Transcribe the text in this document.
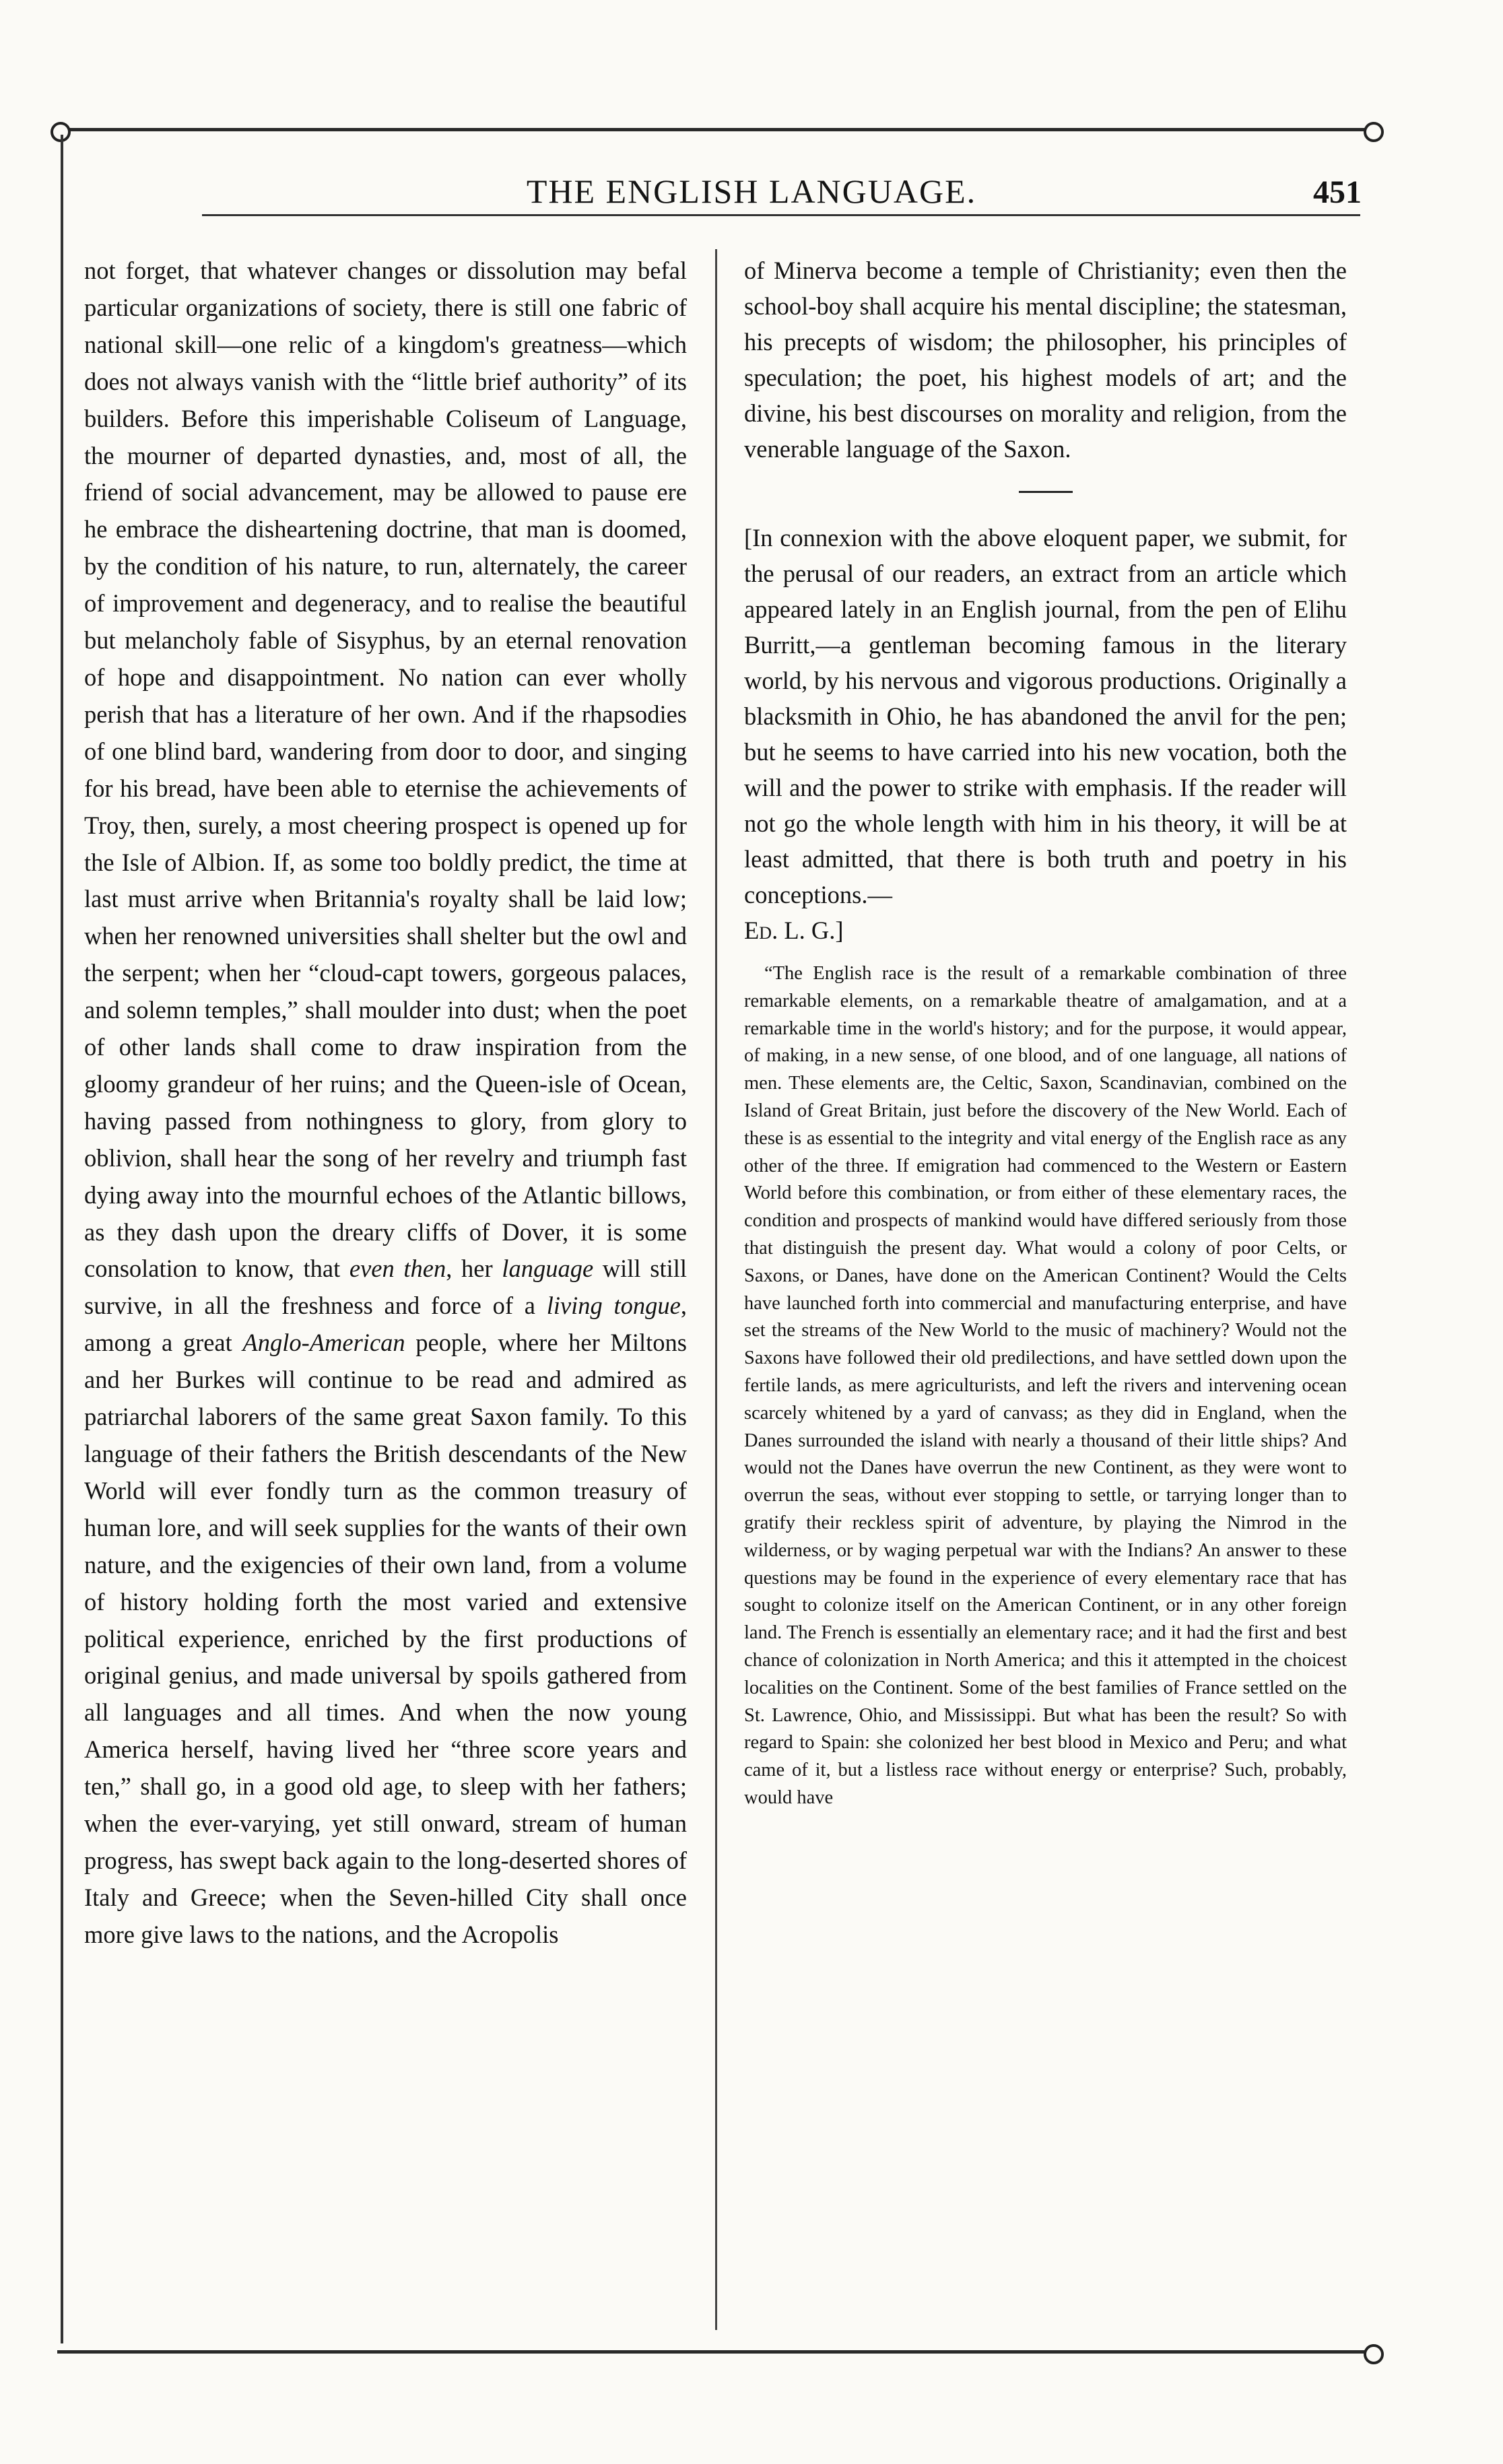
THE ENGLISH LANGUAGE.	451

not forget, that whatever changes or dissolution may befal particular organizations of society, there is still one fabric of national skill—one relic of a kingdom's greatness—which does not always vanish with the “little brief authority” of its builders. Before this imperishable Coliseum of Language, the mourner of departed dynasties, and, most of all, the friend of social advancement, may be allowed to pause ere he embrace the disheartening doctrine, that man is doomed, by the condition of his nature, to run, alternately, the career of improvement and degeneracy, and to realise the beautiful but melancholy fable of Sisyphus, by an eternal renovation of hope and disappointment. No nation can ever wholly perish that has a literature of her own. And if the rhapsodies of one blind bard, wandering from door to door, and singing for his bread, have been able to eternise the achievements of Troy, then, surely, a most cheering prospect is opened up for the Isle of Albion. If, as some too boldly predict, the time at last must arrive when Britannia's royalty shall be laid low; when her renowned universities shall shelter but the owl and the serpent; when her “cloud-capt towers, gorgeous palaces, and solemn temples,” shall moulder into dust; when the poet of other lands shall come to draw inspiration from the gloomy grandeur of her ruins; and the Queen-isle of Ocean, having passed from nothingness to glory, from glory to oblivion, shall hear the song of her revelry and triumph fast dying away into the mournful echoes of the Atlantic billows, as they dash upon the dreary cliffs of Dover, it is some consolation to know, that even then, her language will still survive, in all the freshness and force of a living tongue, among a great Anglo-American people, where her Miltons and her Burkes will continue to be read and admired as patriarchal laborers of the same great Saxon family. To this language of their fathers the British descendants of the New World will ever fondly turn as the common treasury of human lore, and will seek supplies for the wants of their own nature, and the exigencies of their own land, from a volume of history holding forth the most varied and extensive political experience, enriched by the first productions of original genius, and made universal by spoils gathered from all languages and all times. And when the now young America herself, having lived her “three score years and ten,” shall go, in a good old age, to sleep with her fathers; when the ever-varying, yet still onward, stream of human progress, has swept back again to the long-deserted shores of Italy and Greece; when the Seven-hilled City shall once more give laws to the nations, and the Acropolis

of Minerva become a temple of Christianity; even then the school-boy shall acquire his mental discipline; the statesman, his precepts of wisdom; the philosopher, his principles of speculation; the poet, his highest models of art; and the divine, his best discourses on morality and religion, from the venerable language of the Saxon.

[In connexion with the above eloquent paper, we submit, for the perusal of our readers, an extract from an article which appeared lately in an English journal, from the pen of Elihu Burritt,—a gentleman becoming famous in the literary world, by his nervous and vigorous productions. Originally a blacksmith in Ohio, he has abandoned the anvil for the pen; but he seems to have carried into his new vocation, both the will and the power to strike with emphasis. If the reader will not go the whole length with him in his theory, it will be at least admitted, that there is both truth and poetry in his conceptions.—
Ed. L. G.]

“The English race is the result of a remarkable combination of three remarkable elements, on a remarkable theatre of amalgamation, and at a remarkable time in the world's history; and for the purpose, it would appear, of making, in a new sense, of one blood, and of one language, all nations of men. These elements are, the Celtic, Saxon, Scandinavian, combined on the Island of Great Britain, just before the discovery of the New World. Each of these is as essential to the integrity and vital energy of the English race as any other of the three. If emigration had commenced to the Western or Eastern World before this combination, or from either of these elementary races, the condition and prospects of mankind would have differed seriously from those that distinguish the present day. What would a colony of poor Celts, or Saxons, or Danes, have done on the American Continent? Would the Celts have launched forth into commercial and manufacturing enterprise, and have set the streams of the New World to the music of machinery? Would not the Saxons have followed their old predilections, and have settled down upon the fertile lands, as mere agriculturists, and left the rivers and intervening ocean scarcely whitened by a yard of canvass; as they did in England, when the Danes surrounded the island with nearly a thousand of their little ships? And would not the Danes have overrun the new Continent, as they were wont to overrun the seas, without ever stopping to settle, or tarrying longer than to gratify their reckless spirit of adventure, by playing the Nimrod in the wilderness, or by waging perpetual war with the Indians? An answer to these questions may be found in the experience of every elementary race that has sought to colonize itself on the American Continent, or in any other foreign land. The French is essentially an elementary race; and it had the first and best chance of colonization in North America; and this it attempted in the choicest localities on the Continent. Some of the best families of France settled on the St. Lawrence, Ohio, and Mississippi. But what has been the result? So with regard to Spain: she colonized her best blood in Mexico and Peru; and what came of it, but a listless race without energy or enterprise? Such, probably, would have
